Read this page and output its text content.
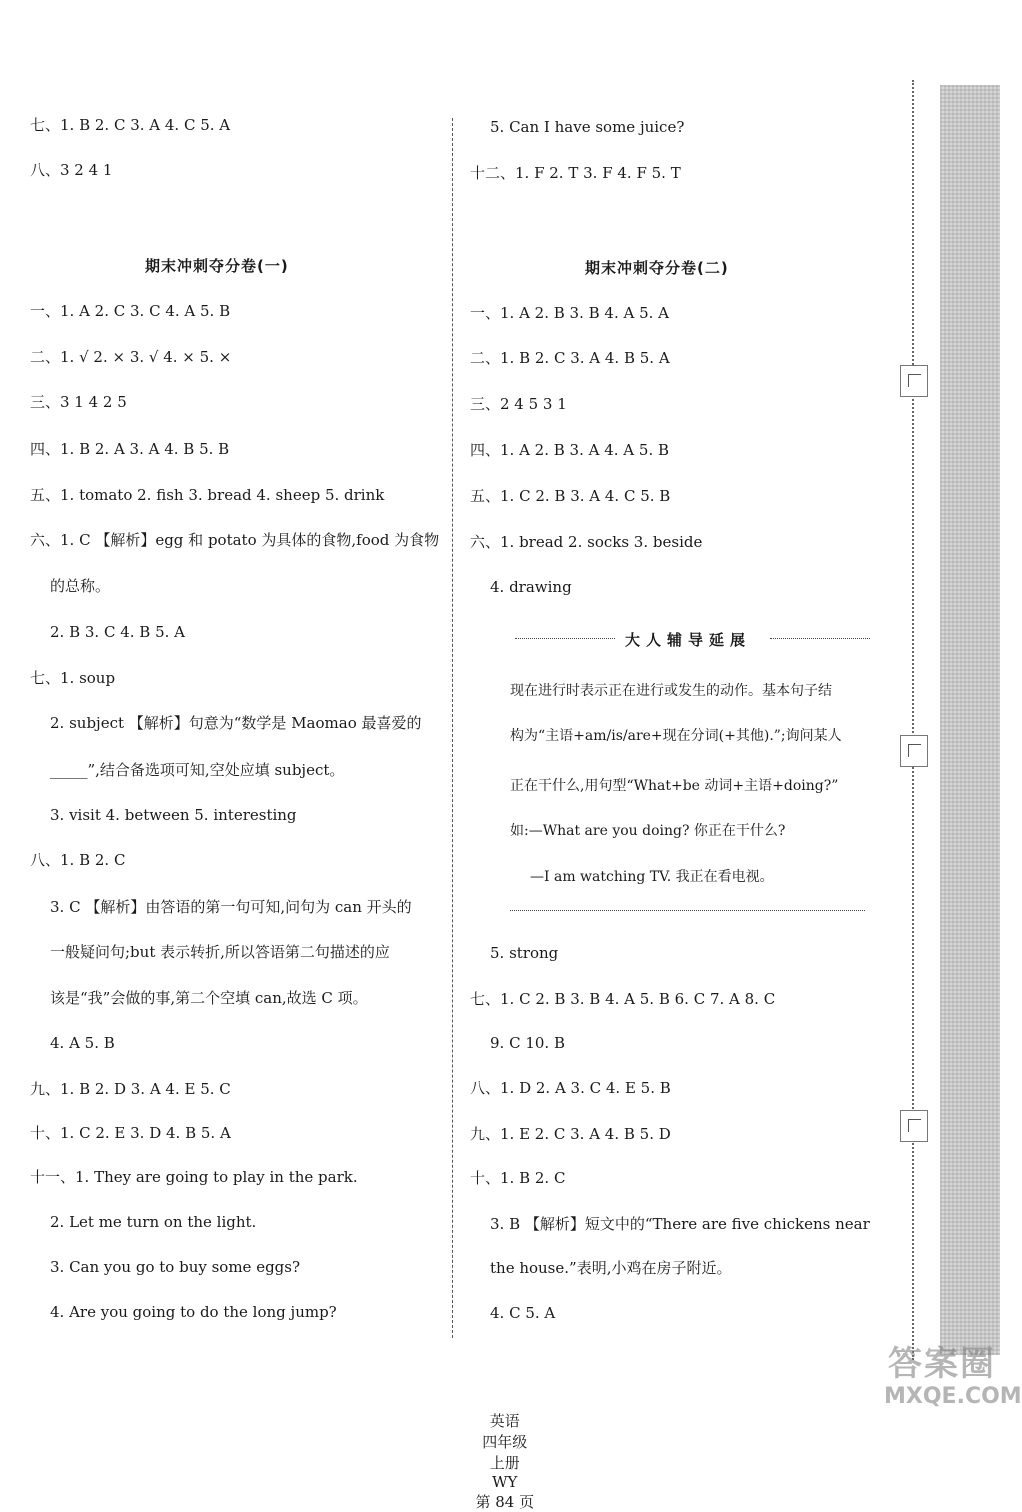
七、1. B 2. C 3. A 4. C 5. A
八、3 2 4 1
期末冲刺夺分卷(一)
一、1. A 2. C 3. C 4. A 5. B
二、1. √ 2. × 3. √ 4. × 5. ×
三、3 1 4 2 5
四、1. B 2. A 3. A 4. B 5. B
五、1. tomato 2. fish 3. bread 4. sheep 5. drink
六、1. C 【解析】egg 和 potato 为具体的食物,food 为食物
的总称。
2. B 3. C 4. B 5. A
七、1. soup
2. subject 【解析】句意为“数学是 Maomao 最喜爱的
_____”,结合备选项可知,空处应填 subject。
3. visit 4. between 5. interesting
八、1. B 2. C
3. C 【解析】由答语的第一句可知,问句为 can 开头的
一般疑问句;but 表示转折,所以答语第二句描述的应
该是“我”会做的事,第二个空填 can,故选 C 项。
4. A 5. B
九、1. B 2. D 3. A 4. E 5. C
十、1. C 2. E 3. D 4. B 5. A
十一、1. They are going to play in the park.
2. Let me turn on the light.
3. Can you go to buy some eggs?
4. Are you going to do the long jump?
5. Can I have some juice?
十二、1. F 2. T 3. F 4. F 5. T
期末冲刺夺分卷(二)
一、1. A 2. B 3. B 4. A 5. A
二、1. B 2. C 3. A 4. B 5. A
三、2 4 5 3 1
四、1. A 2. B 3. A 4. A 5. B
五、1. C 2. B 3. A 4. C 5. B
六、1. bread 2. socks 3. beside
4. drawing
5. strong
七、1. C 2. B 3. B 4. A 5. B 6. C 7. A 8. C
9. C 10. B
八、1. D 2. A 3. C 4. E 5. B
九、1. E 2. C 3. A 4. B 5. D
十、1. B 2. C
3. B 【解析】短文中的“There are five chickens near
the house.”表明,小鸡在房子附近。
4. C 5. A
大人辅导延展
现在进行时表示正在进行或发生的动作。基本句子结
构为“主语+am/is/are+现在分词(+其他).”;询问某人
正在干什么,用句型“What+be 动词+主语+doing?”
如:—What are you doing? 你正在干什么?
—I am watching TV. 我正在看电视。

英语
四年级
上册
WY
第 84 页

答案圈
MXQE.COM
